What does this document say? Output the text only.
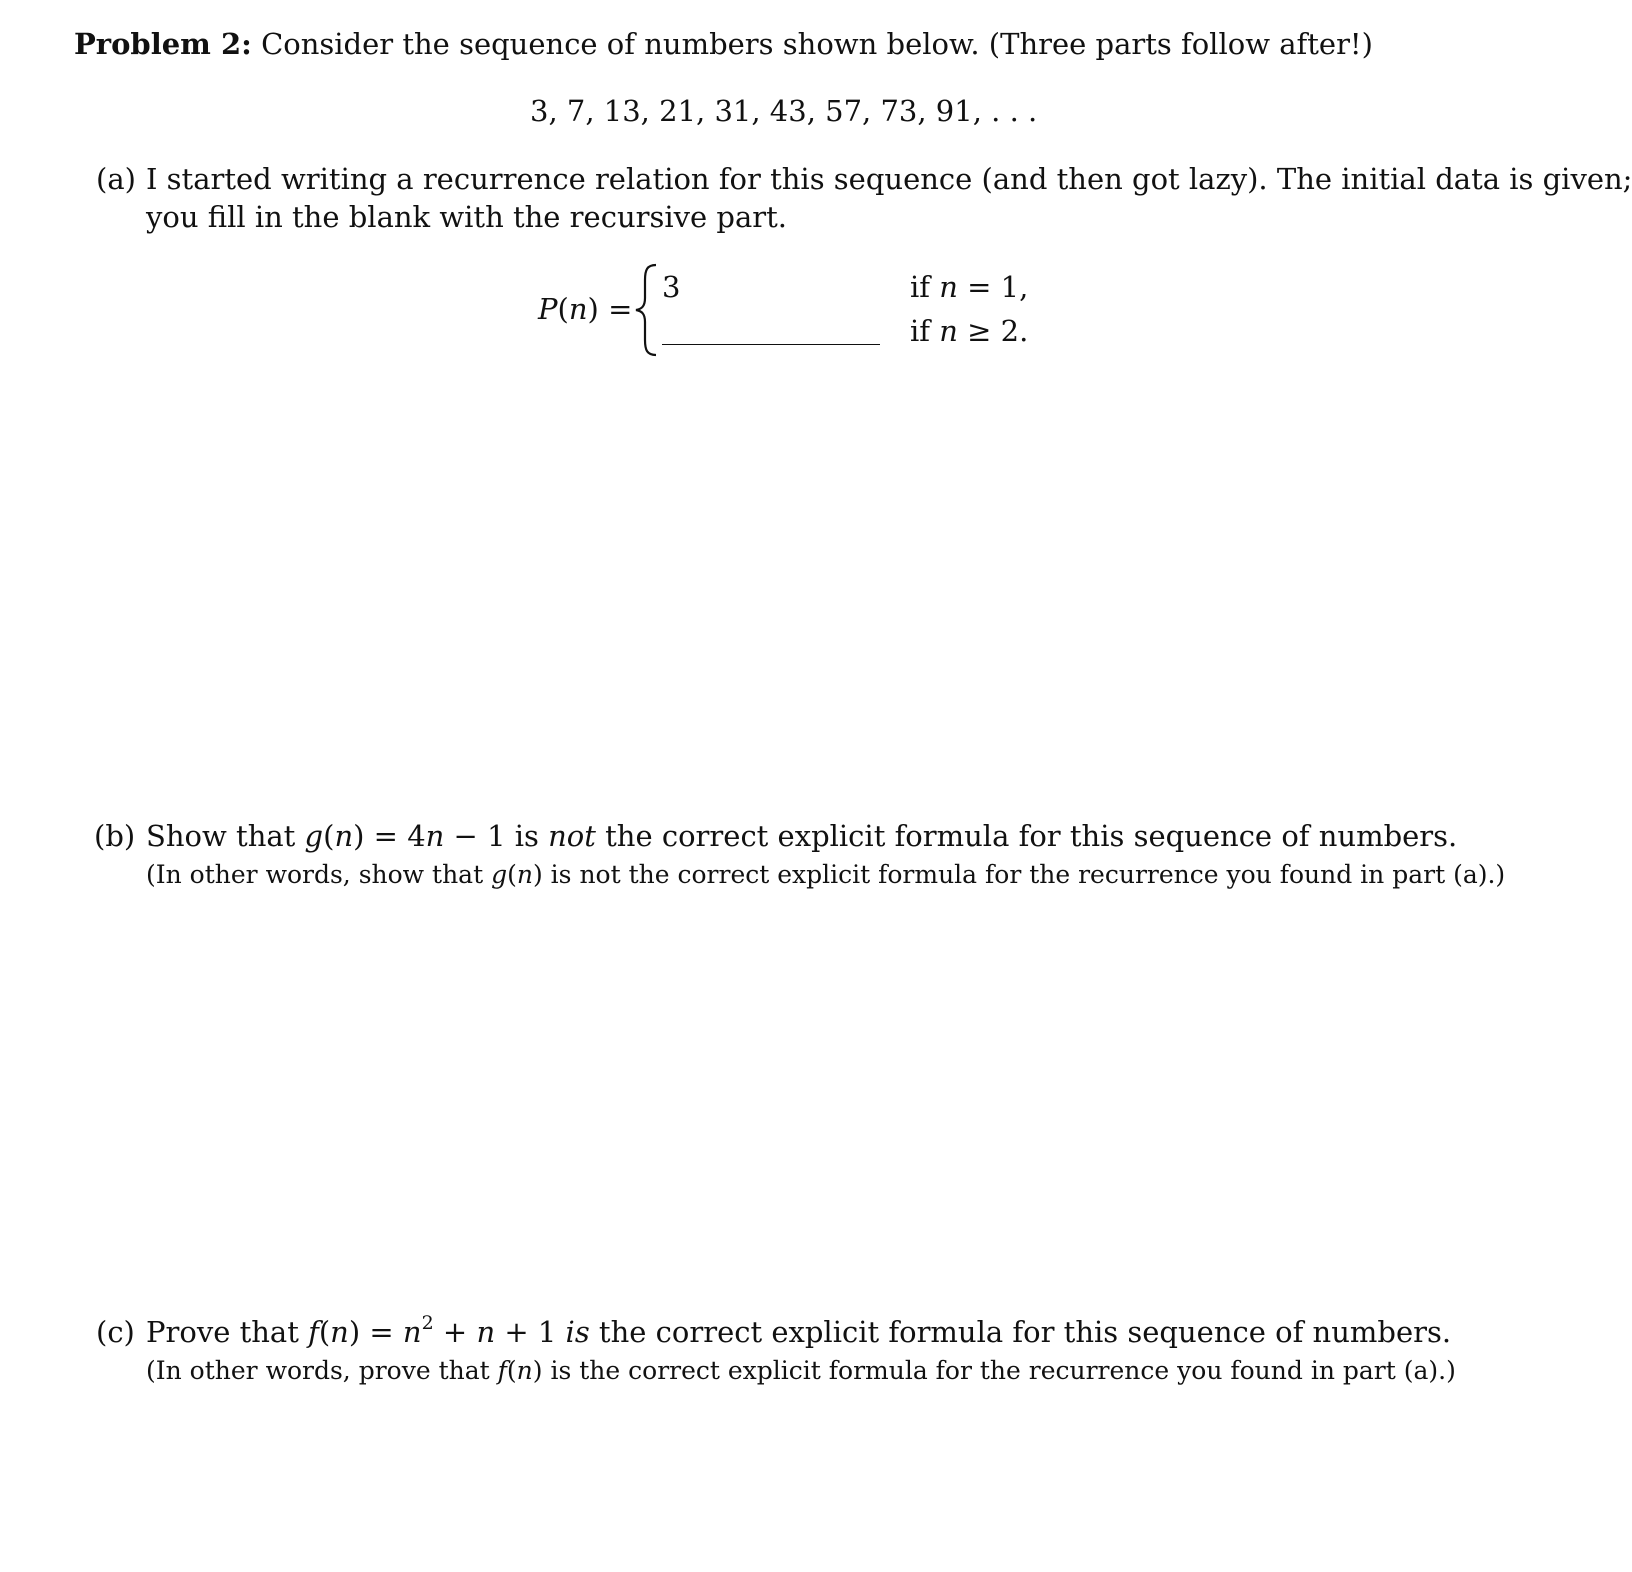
Problem 2: Consider the sequence of numbers shown below. (Three parts follow after!)
3, 7, 13, 21, 31, 43, 57, 73, 91, . . .
(a) I started writing a recurrence relation for this sequence (and then got lazy). The initial data is given;
you fill in the blank with the recursive part.
P(n) =
3	if n = 1,
if n ≥ 2.
(b) Show that g(n) = 4n − 1 is not the correct explicit formula for this sequence of numbers.
(In other words, show that g(n) is not the correct explicit formula for the recurrence you found in part (a).)
(c) Prove that $f(n) = n^2 + n + 1$ is the correct explicit formula for this sequence of numbers.
(In other words, prove that f(n) is the correct explicit formula for the recurrence you found in part (a).)
